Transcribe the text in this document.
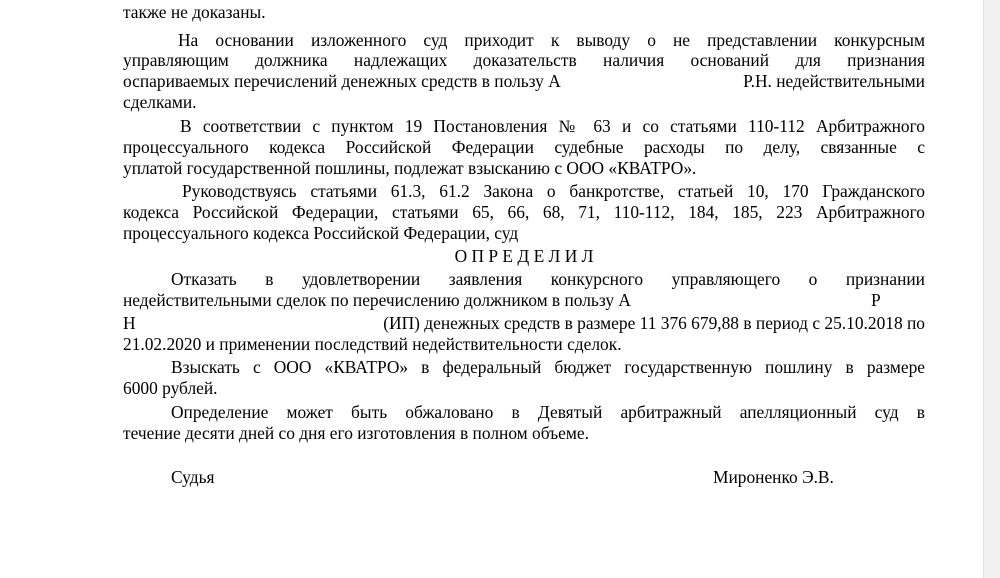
также не доказаны.
На основании изложенного суд приходит к выводу о не представлении конкурсным
управляющим должника надлежащих доказательств наличия оснований для признания
оспариваемых перечислений денежных средств в пользу А	Р.Н. недействительными
сделками.
В соответствии с пунктом 19 Постановления № 63 и со статьями 110-112 Арбитражного
процессуального кодекса Российской Федерации судебные расходы по делу, связанные с
уплатой государственной пошлины, подлежат взысканию с ООО «КВАТРО».
Руководствуясь статьями 61.3, 61.2 Закона о банкротстве, статьей 10, 170 Гражданского
кодекса Российской Федерации, статьями 65, 66, 68, 71, 110-112, 184, 185, 223 Арбитражного
процессуального кодекса Российской Федерации, суд
О П Р Е Д Е Л И Л
Отказать в удовлетворении заявления конкурсного управляющего о признании
недействительными сделок по перечислению должником в пользу А	Р
Н	(ИП) денежных средств в размере 11 376 679,88 в период с 25.10.2018 по
21.02.2020 и применении последствий недействительности сделок.
Взыскать с ООО «КВАТРО» в федеральный бюджет государственную пошлину в размере
6000 рублей.
Определение может быть обжаловано в Девятый арбитражный апелляционный суд в
течение десяти дней со дня его изготовления в полном объеме.
Судья	Мироненко Э.В.
